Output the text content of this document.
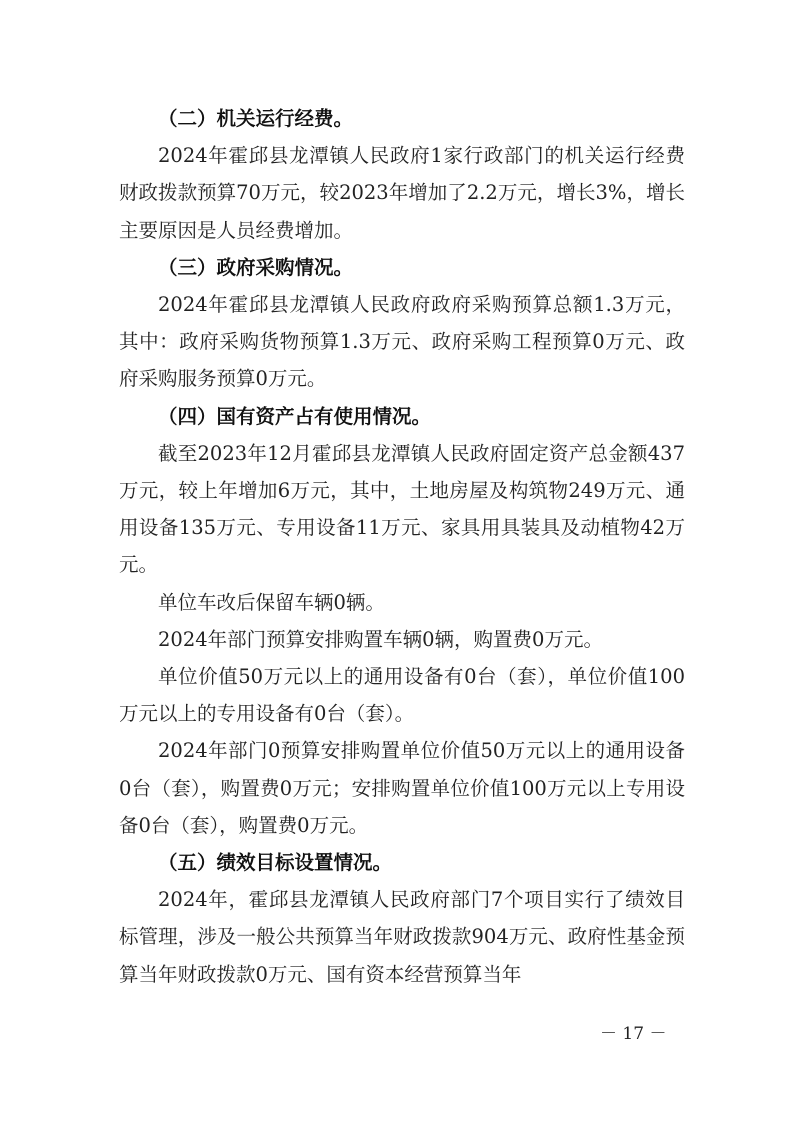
（二）机关运行经费。

2024年霍邱县龙潭镇人民政府1家行政部门的机关运行经费财政拨款预算70万元，较2023年增加了2.2万元，增长3%，增长主要原因是人员经费增加。

（三）政府采购情况。

2024年霍邱县龙潭镇人民政府政府采购预算总额1.3万元，其中：政府采购货物预算1.3万元、政府采购工程预算0万元、政府采购服务预算0万元。

（四）国有资产占有使用情况。

截至2023年12月霍邱县龙潭镇人民政府固定资产总金额437万元，较上年增加6万元，其中，土地房屋及构筑物249万元、通用设备135万元、专用设备11万元、家具用具装具及动植物42万元。

单位车改后保留车辆0辆。

2024年部门预算安排购置车辆0辆，购置费0万元。

单位价值50万元以上的通用设备有0台（套），单位价值100万元以上的专用设备有0台（套）。

2024年部门0预算安排购置单位价值50万元以上的通用设备0台（套），购置费0万元；安排购置单位价值100万元以上专用设备0台（套），购置费0万元。

（五）绩效目标设置情况。

2024年，霍邱县龙潭镇人民政府部门7个项目实行了绩效目标管理，涉及一般公共预算当年财政拨款904万元、政府性基金预算当年财政拨款0万元、国有资本经营预算当年

－ 17 －
